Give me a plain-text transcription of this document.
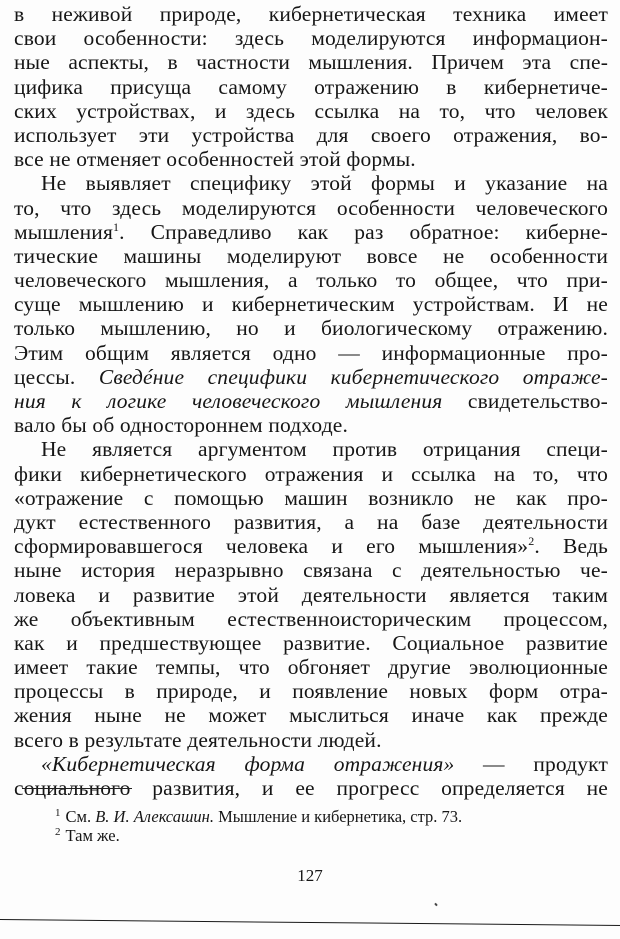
в неживой природе, кибернетическая техника имеет
свои особенности: здесь моделируются информацион-
ные аспекты, в частности мышления. Причем эта спе-
цифика присуща самому отражению в кибернетиче-
ских устройствах, и здесь ссылка на то, что человек
использует эти устройства для своего отражения, во-
все не отменяет особенностей этой формы.
Не выявляет специфику этой формы и указание на
то, что здесь моделируются особенности человеческого
мышления$^1$. Справедливо как раз обратное: киберне-
тические машины моделируют вовсе не особенности
человеческого мышления, а только то общее, что при-
суще мышлению и кибернетическим устройствам. И не
только мышлению, но и биологическому отражению.
Этим общим является одно — информационные про-
цессы. Сведéние специфики кибернетического отраже-
ния к логике человеческого мышления свидетельство-
вало бы об одностороннем подходе.
Не является аргументом против отрицания специ-
фики кибернетического отражения и ссылка на то, что
«отражение с помощью машин возникло не как про-
дукт естественного развития, а на базе деятельности
сформировавшегося человека и его мышления»$^2$. Ведь
ныне история неразрывно связана с деятельностью че-
ловека и развитие этой деятельности является таким
же объективным естественноисторическим процессом,
как и предшествующее развитие. Социальное развитие
имеет такие темпы, что обгоняет другие эволюционные
процессы в природе, и появление новых форм отра-
жения ныне не может мыслиться иначе как прежде
всего в результате деятельности людей.
«Кибернетическая форма отражения» — продукт
социального развития, и ее прогресс определяется не
$^1$ См. В. И. Алексашин. Мышление и кибернетика, стр. 73.
$^2$ Там же.
127
